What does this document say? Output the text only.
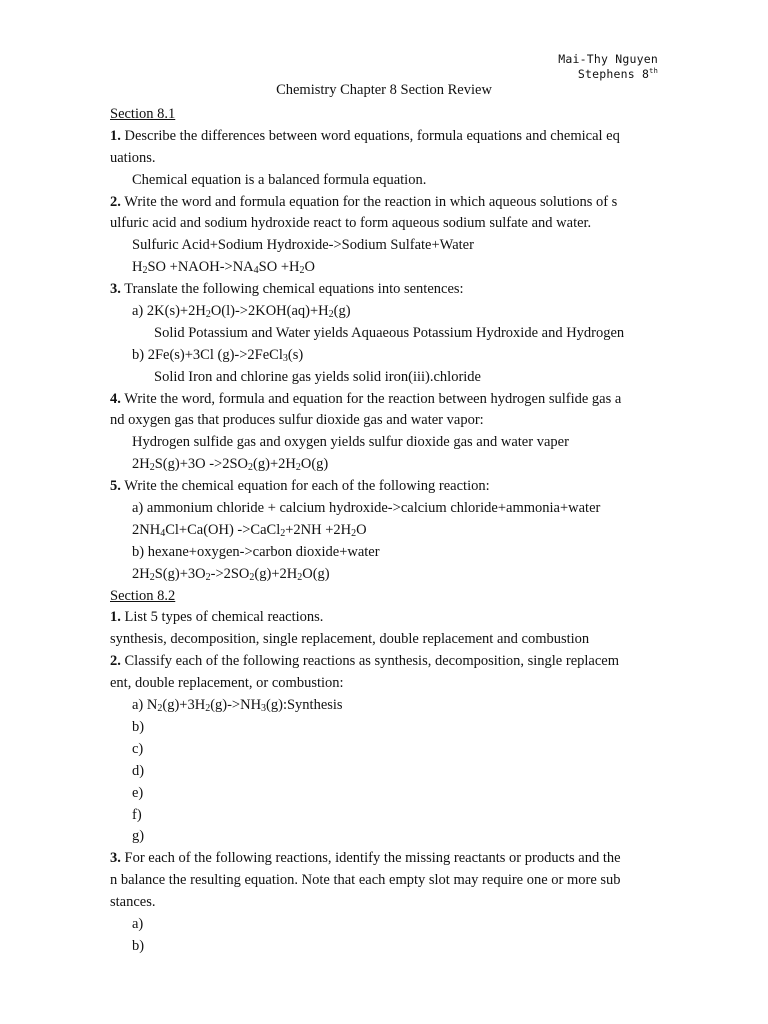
Mai-Thy Nguyen
Stephens 8th
Chemistry Chapter 8 Section Review
Section 8.1
1. Describe the differences between word equations, formula equations and chemical eq
uations.
Chemical equation is a balanced formula equation.
2. Write the word and formula equation for the reaction in which aqueous solutions of s
ulfuric acid and sodium hydroxide react to form aqueous sodium sulfate and water.
Sulfuric Acid+Sodium Hydroxide->Sodium Sulfate+Water
$H_2SO$ $+NAOH->NA_4SO +H_2O$
3. Translate the following chemical equations into sentences:
a) $2K(s)+2H_2O(l)->2KOH(aq)+H_2(g)$
Solid Potassium and Water yields Aquaeous Potassium Hydroxide and Hydrogen
b) 2Fe(s)+3Cl (g)->2FeCl$_3$(s)
Solid Iron and chlorine gas yields solid iron(iii).chloride
4. Write the word, formula and equation for the reaction between hydrogen sulfide gas a
nd oxygen gas that produces sulfur dioxide gas and water vapor:
Hydrogen sulfide gas and oxygen yields sulfur dioxide gas and water vaper
$2H_2S(g)+3O$ $->2SO_2(g)+2H_2O(g)$
5. Write the chemical equation for each of the following reaction:
a) ammonium chloride + calcium hydroxide->calcium chloride+ammonia+water
$2NH_4Cl+Ca(OH)$ ->CaCl$_2$+2NH $+2H_2O$
b) hexane+oxygen->carbon dioxide+water
$2H_2S(g)+3O_2->2SO_2(g)+2H_2O(g)$
Section 8.2
1. List 5 types of chemical reactions.
synthesis, decomposition, single replacement, double replacement and combustion
2. Classify each of the following reactions as synthesis, decomposition, single replacem
ent, double replacement, or combustion:
a) $N_2(g)+3H_2(g)->NH_3(g):Synthesis$
b)
c)
d)
e)
f)
g)
3. For each of the following reactions, identify the missing reactants or products and the
n balance the resulting equation. Note that each empty slot may require one or more sub
stances.
a)
b)
